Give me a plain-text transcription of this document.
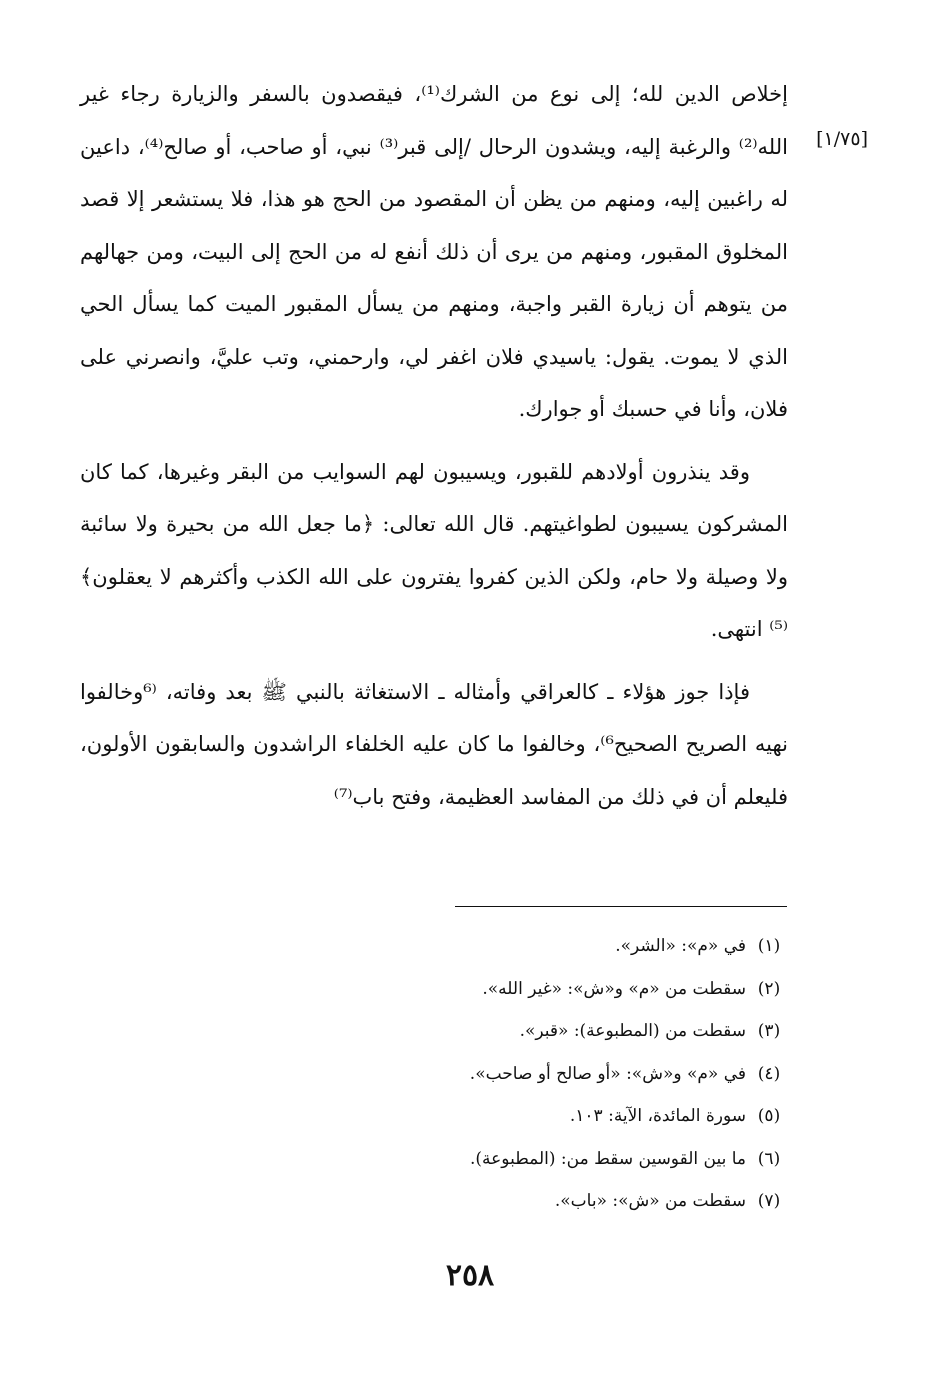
[١/٧٥]

إخلاص الدين لله؛ إلى نوع من الشرك⁽¹⁾، فيقصدون بالسفر والزيارة رجاء غير الله⁽²⁾ والرغبة إليه، ويشدون الرحال /إلى قبر⁽³⁾ نبي، أو صاحب، أو صالح⁽⁴⁾، داعين له راغبين إليه، ومنهم من يظن أن المقصود من الحج هو هذا، فلا يستشعر إلا قصد المخلوق المقبور، ومنهم من يرى أن ذلك أنفع له من الحج إلى البيت، ومن جهالهم من يتوهم أن زيارة القبر واجبة، ومنهم من يسأل المقبور الميت كما يسأل الحي الذي لا يموت. يقول: ياسيدي فلان اغفر لي، وارحمني، وتب عليَّ، وانصرني على فلان، وأنا في حسبك أو جوارك.

وقد ينذرون أولادهم للقبور، ويسيبون لهم السوايب من البقر وغيرها، كما كان المشركون يسيبون لطواغيتهم. قال الله تعالى: ﴿ما جعل الله من بحيرة ولا سائبة ولا وصيلة ولا حام، ولكن الذين كفروا يفترون على الله الكذب وأكثرهم لا يعقلون﴾⁽⁵⁾ انتهى.

فإذا جوز هؤلاء ـ كالعراقي وأمثاله ـ الاستغاثة بالنبي ﷺ بعد وفاته، ⁽⁶وخالفوا نهيه الصريح الصحيح⁶⁾، وخالفوا ما كان عليه الخلفاء الراشدون والسابقون الأولون، فليعلم أن في ذلك من المفاسد العظيمة، وفتح باب⁽⁷⁾

(١)
في «م»: «الشر».
(٢)
سقطت من «م» و«ش»: «غير الله».
(٣)
سقطت من (المطبوعة): «قبر».
(٤)
في «م» و«ش»: «أو صالح أو صاحب».
(٥)
سورة المائدة، الآية: ١٠٣.
(٦)
ما بين القوسين سقط من: (المطبوعة).
(٧)
سقطت من «ش»: «باب».
٢٥٨
